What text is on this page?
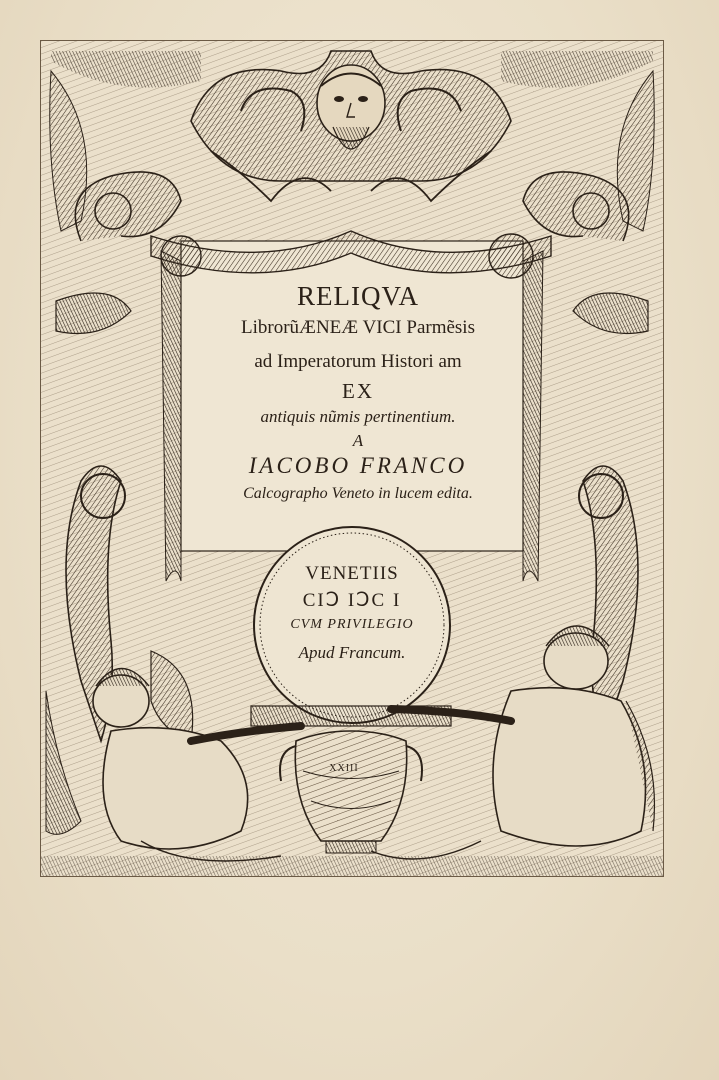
RELIQVA
LibrorũÆNEÆ VICI Parmẽsis
ad Imperatorum Histori am
EX
antiquis nũmis pertinentium.
A
IACOBO FRANCO
Calcographo Veneto in lucem edita.
VENETIIS
CIↃ IↃC I
CVM PRIVILEGIO
Apud Francum.
XXIII
